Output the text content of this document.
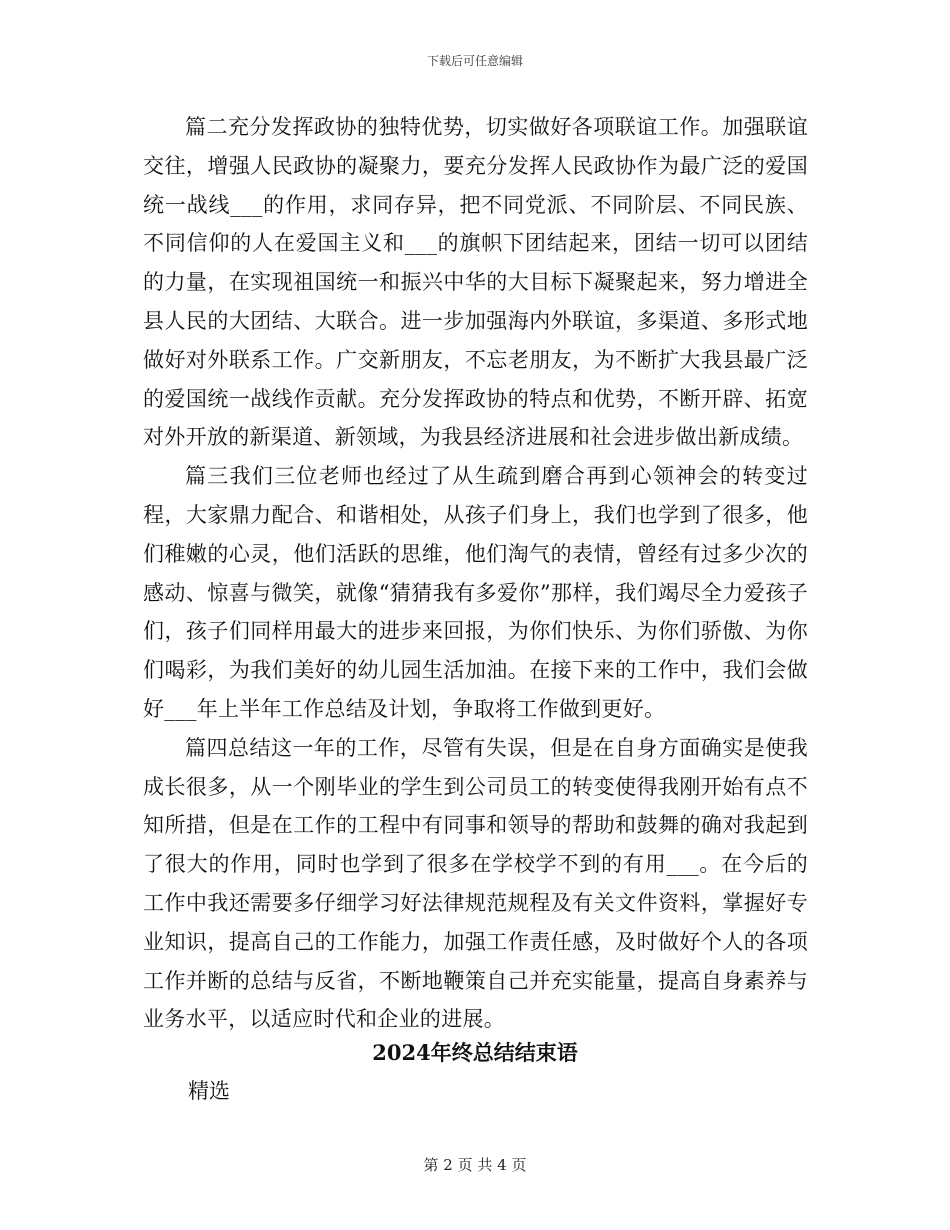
下载后可任意编辑

篇二充分发挥政协的独特优势，切实做好各项联谊工作。加强联谊交往，增强人民政协的凝聚力，要充分发挥人民政协作为最广泛的爱国统一战线___的作用，求同存异，把不同党派、不同阶层、不同民族、不同信仰的人在爱国主义和___的旗帜下团结起来，团结一切可以团结的力量，在实现祖国统一和振兴中华的大目标下凝聚起来，努力增进全县人民的大团结、大联合。进一步加强海内外联谊，多渠道、多形式地做好对外联系工作。广交新朋友，不忘老朋友，为不断扩大我县最广泛的爱国统一战线作贡献。充分发挥政协的特点和优势，不断开辟、拓宽对外开放的新渠道、新领域，为我县经济进展和社会进步做出新成绩。

篇三我们三位老师也经过了从生疏到磨合再到心领神会的转变过程，大家鼎力配合、和谐相处，从孩子们身上，我们也学到了很多，他们稚嫩的心灵，他们活跃的思维，他们淘气的表情，曾经有过多少次的感动、惊喜与微笑，就像“猜猜我有多爱你”那样，我们竭尽全力爱孩子们，孩子们同样用最大的进步来回报，为你们快乐、为你们骄傲、为你们喝彩，为我们美好的幼儿园生活加油。在接下来的工作中，我们会做好___年上半年工作总结及计划，争取将工作做到更好。

篇四总结这一年的工作，尽管有失误，但是在自身方面确实是使我成长很多，从一个刚毕业的学生到公司员工的转变使得我刚开始有点不知所措，但是在工作的工程中有同事和领导的帮助和鼓舞的确对我起到了很大的作用，同时也学到了很多在学校学不到的有用___。在今后的工作中我还需要多仔细学习好法律规范规程及有关文件资料，掌握好专业知识，提高自己的工作能力，加强工作责任感，及时做好个人的各项工作并断的总结与反省，不断地鞭策自己并充实能量，提高自身素养与业务水平，以适应时代和企业的进展。

2024年终总结结束语
精选
第 2 页 共 4 页
